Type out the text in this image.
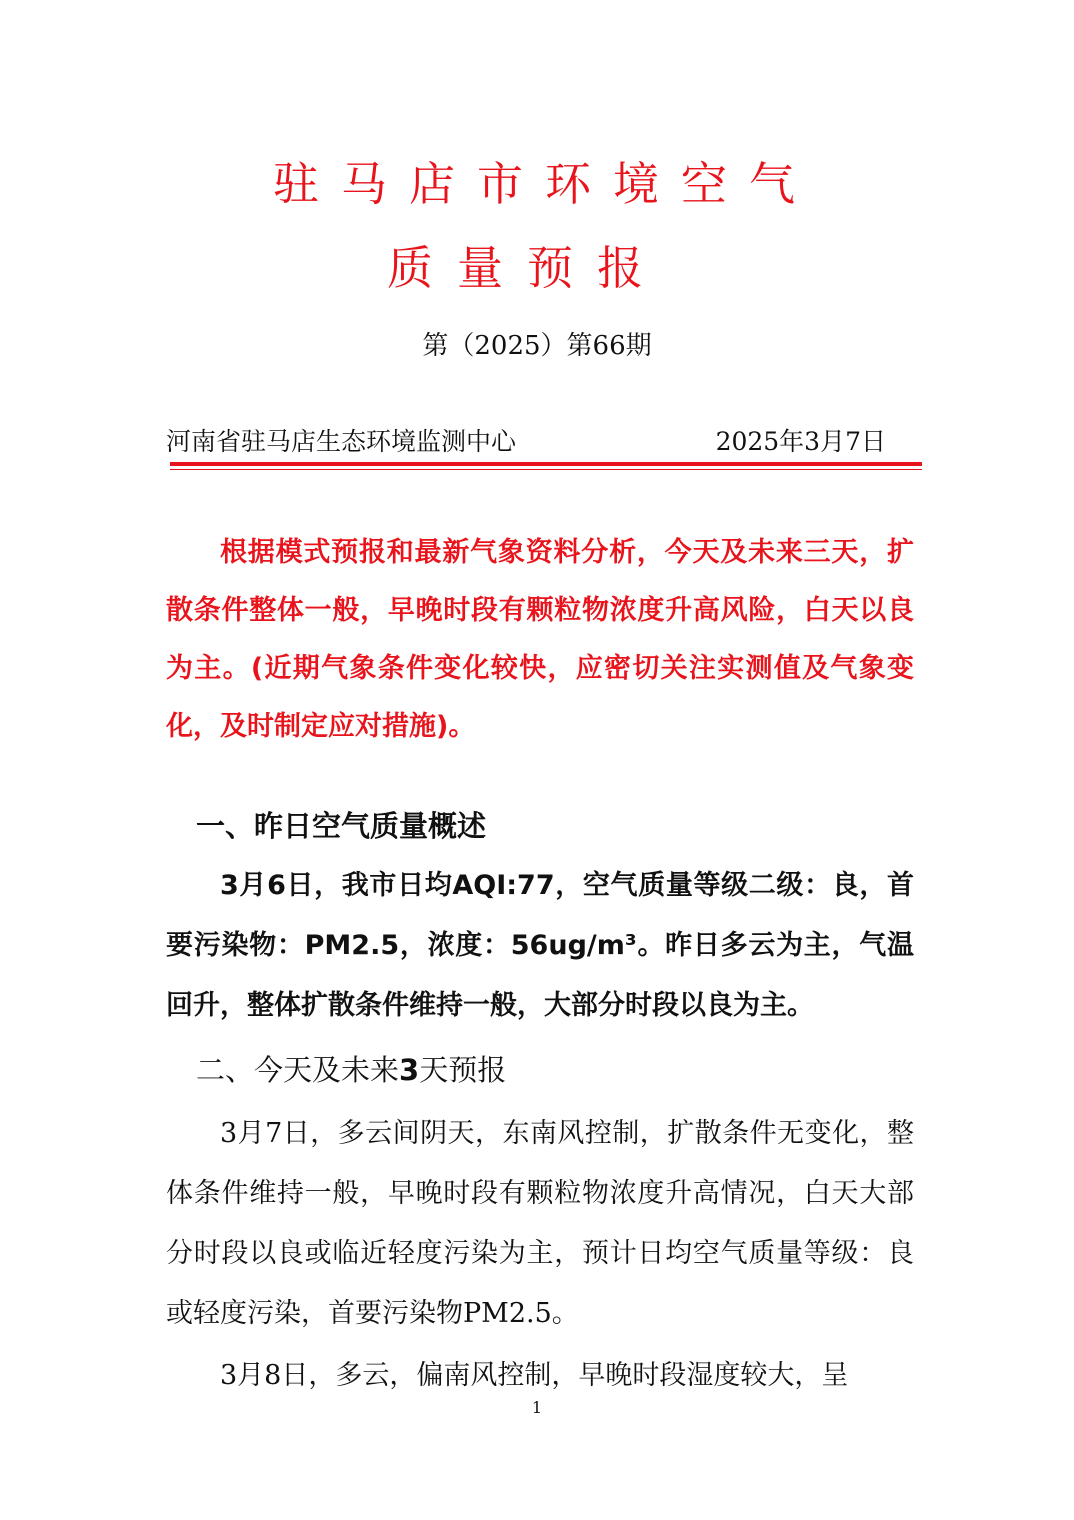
驻马店市环境空气
质量预报
第（2025）第66期
河南省驻马店生态环境监测中心	2025年3月7日

根据模式预报和最新气象资料分析，今天及未来三天，扩散条件整体一般，早晚时段有颗粒物浓度升高风险，白天以良为主。(近期气象条件变化较快，应密切关注实测值及气象变化，及时制定应对措施)。

一、昨日空气质量概述

3月6日，我市日均AQI:77，空气质量等级二级：良，首要污染物：PM2.5，浓度：56ug/m³。昨日多云为主，气温回升，整体扩散条件维持一般，大部分时段以良为主。

二、今天及未来3天预报

3月7日，多云间阴天，东南风控制，扩散条件无变化，整体条件维持一般，早晚时段有颗粒物浓度升高情况，白天大部分时段以良或临近轻度污染为主，预计日均空气质量等级：良或轻度污染，首要污染物PM2.5。

3月8日，多云，偏南风控制，早晚时段湿度较大，呈

1
